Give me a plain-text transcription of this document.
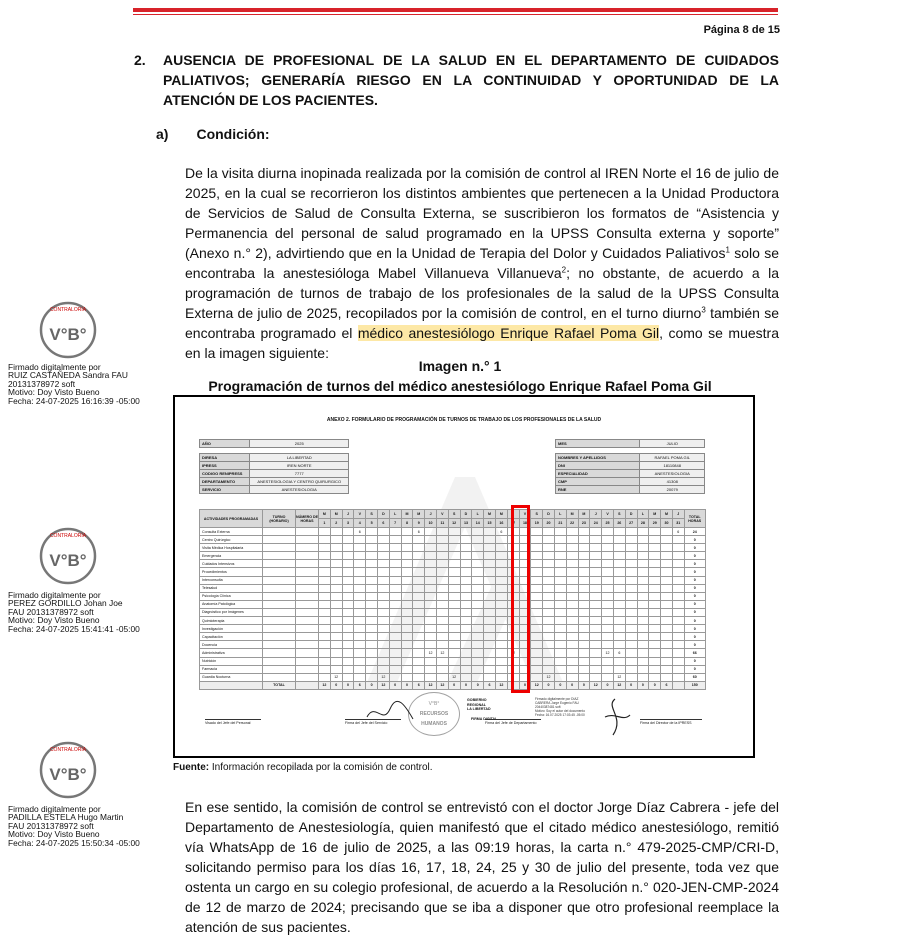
Página 8 de 15
2. AUSENCIA DE PROFESIONAL DE LA SALUD EN EL DEPARTAMENTO DE CUIDADOS PALIATIVOS; GENERARÍA RIESGO EN LA CONTINUIDAD Y OPORTUNIDAD DE LA ATENCIÓN DE LOS PACIENTES.
a) Condición:
De la visita diurna inopinada realizada por la comisión de control al IREN Norte el 16 de julio de 2025, en la cual se recorrieron los distintos ambientes que pertenecen a la Unidad Productora de Servicios de Salud de Consulta Externa, se suscribieron los formatos de “Asistencia y Permanencia del personal de salud programado en la UPSS Consulta externa y soporte” (Anexo n.° 2), advirtiendo que en la Unidad de Terapia del Dolor y Cuidados Paliativos$^1$ solo se encontraba la anestesióloga Mabel Villanueva Villanueva$^2$; no obstante, de acuerdo a la programación de turnos de trabajo de los profesionales de la salud de la UPSS Consulta Externa de julio de 2025, recopilados por la comisión de control, en el turno diurno$^3$ también se encontraba programado el médico anestesiólogo Enrique Rafael Poma Gil, como se muestra en la imagen siguiente:
Imagen n.° 1
Programación de turnos del médico anestesiólogo Enrique Rafael Poma Gil
ANEXO 2. FORMULARIO DE PROGRAMACIÓN DE TURNOS DE TRABAJO DE LOS PROFESIONALES DE LA SALUD
AÑO	2025

DIRESA	LA LIBERTAD
IPRESS	IREN NORTE
CODIGO RENIPRESS	7777
DEPARTAMENTO	ANESTESIOLOGIA Y CENTRO QUIRURGICO
SERVICIO	ANESTESIOLOGIA
MES	JULIO

NOMBRES Y APELLIDOS	RAFAEL POMA GIL
DNI	18110848
ESPECIALIDAD	ANESTESIOLOGIA
CMP	41308
RNE	20079
ACTIVIDADES PROGRAMADAS	TURNO (HORARIO)	NÚMERO DE HORAS	M	M	J	V	S	D	L	M	M	J	V	S	D	L	M	M	J	V	S	D	L	M	M	J	V	S	D	L	M	M	J	TOTAL HORAS
			1	2	3	4	5	6	7	8	9	10	11	12	13	14	15	16	17	18	19	20	21	22	23	24	25	26	27	28	29	30	31	
Consulta Externa						6					6							6															6	24
Centro Quirúrgico																																		0
Visita Médica Hospitalaria																																		0
Emergencia																																		0
Cuidados Intensivos																																		0
Procedimientos																																		0
Interconsulta																																		0
Telesalud																																		0
Psicología Clínica																																		0
Anatomía Patológica																																		0
Diagnóstico por Imágenes																																		0
Quimioterapia																																		0
Investigación																																		0
Capacitación																																		0
Docencia																																		0
Administrativa												12	12						12								12	6						66
Nutrición																																		0
Farmacia																																		0
Guardia Nocturna				12				12						12								12						12						60
	TOTAL		12	0	0	6	0	12	0	0	6	12	12	0	0	0	6	12	0	0	12	0	0	0	0	12	0	12	0	0	0	6		150
V°B°
RECURSOS
HUMANOS
GOBIERNO
REGIONAL
LA LIBERTAD
FIRMA DIGITAL
Firmado digitalmente por DIAZ
CABRERA Jorge Eugenio FAU
20440387481 soft
Motivo: Soy el autor del documento
Fecha: 16.07.2025 17:03:45 -05:00
Visado del Jefe del Personal	Firma del Jefe del Servicio	Firma del Jefe de Departamento	Firma del Director de la IPRESS
Fuente: Información recopilada por la comisión de control.
En ese sentido, la comisión de control se entrevistó con el doctor Jorge Díaz Cabrera - jefe del Departamento de Anestesiología, quien manifestó que el citado médico anestesiólogo, remitió vía WhatsApp de 16 de julio de 2025, a las 09:19 horas, la carta n.° 479-2025-CMP/CRI-D, solicitando permiso para los días 16, 17, 18, 24, 25 y 30 de julio del presente, toda vez que ostenta un cargo en su colegio profesional, de acuerdo a la Resolución n.° 020-JEN-CMP-2024 de 12 de marzo de 2024; precisando que se iba a disponer que otro profesional reemplace la atención de sus pacientes.
CONTRALORÍA
V°B°
Firmado digitalmente por
RUIZ CASTAÑEDA Sandra FAU
20131378972 soft
Motivo: Doy Visto Bueno
Fecha: 24-07-2025 16:16:39 -05:00
CONTRALORÍA
V°B°
Firmado digitalmente por
PEREZ GORDILLO Johan Joe
FAU 20131378972 soft
Motivo: Doy Visto Bueno
Fecha: 24-07-2025 15:41:41 -05:00
CONTRALORÍA
V°B°
Firmado digitalmente por
PADILLA ESTELA Hugo Martin
FAU 20131378972 soft
Motivo: Doy Visto Bueno
Fecha: 24-07-2025 15:50:34 -05:00
